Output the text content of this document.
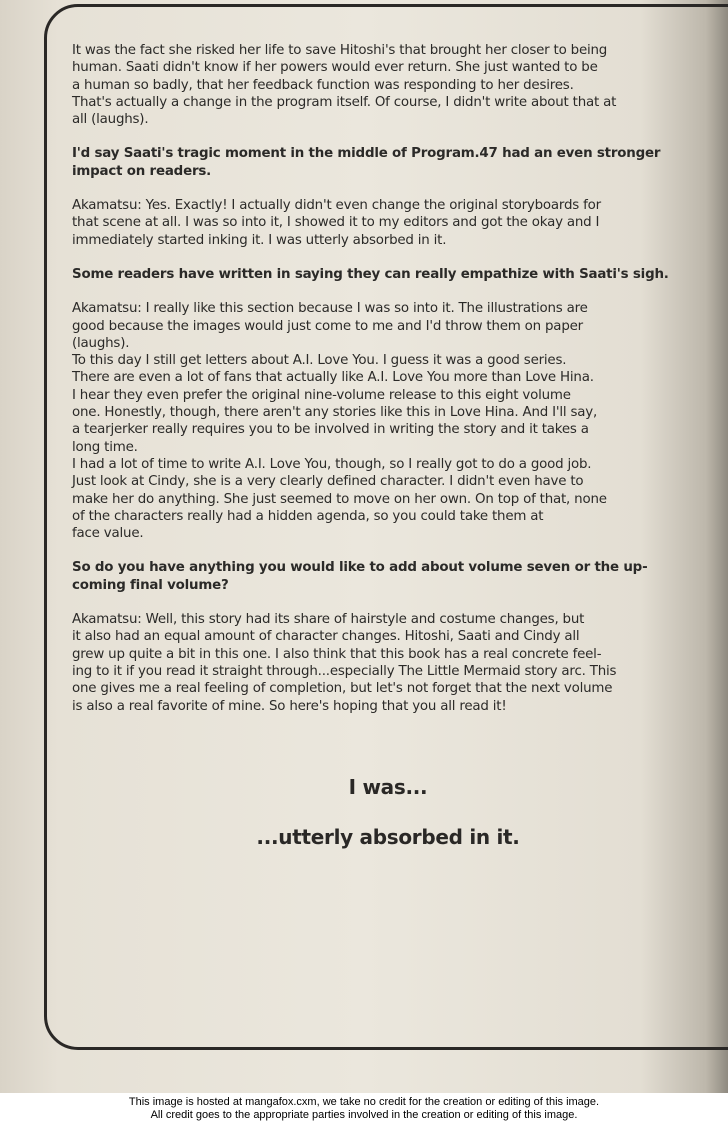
It was the fact she risked her life to save Hitoshi's that brought her closer to being
human. Saati didn't know if her powers would ever return. She just wanted to be
a human so badly, that her feedback function was responding to her desires.
That's actually a change in the program itself. Of course, I didn't write about that at
all (laughs).

I'd say Saati's tragic moment in the middle of Program.47 had an even stronger
impact on readers.

Akamatsu: Yes. Exactly! I actually didn't even change the original storyboards for
that scene at all. I was so into it, I showed it to my editors and got the okay and I
immediately started inking it. I was utterly absorbed in it.

Some readers have written in saying they can really empathize with Saati's sigh.

Akamatsu: I really like this section because I was so into it. The illustrations are
good because the images would just come to me and I'd throw them on paper
(laughs).
To this day I still get letters about A.I. Love You. I guess it was a good series.
There are even a lot of fans that actually like A.I. Love You more than Love Hina.
I hear they even prefer the original nine-volume release to this eight volume
one. Honestly, though, there aren't any stories like this in Love Hina. And I'll say,
a tearjerker really requires you to be involved in writing the story and it takes a
long time.
I had a lot of time to write A.I. Love You, though, so I really got to do a good job.
Just look at Cindy, she is a very clearly defined character. I didn't even have to
make her do anything. She just seemed to move on her own. On top of that, none
of the characters really had a hidden agenda, so you could take them at
face value.

So do you have anything you would like to add about volume seven or the up-
coming final volume?

Akamatsu: Well, this story had its share of hairstyle and costume changes, but
it also had an equal amount of character changes. Hitoshi, Saati and Cindy all
grew up quite a bit in this one. I also think that this book has a real concrete feel-
ing to it if you read it straight through...especially The Little Mermaid story arc. This
one gives me a real feeling of completion, but let's not forget that the next volume
is also a real favorite of mine. So here's hoping that you all read it!

I was...
...utterly absorbed in it.
This image is hosted at mangafox.cxm, we take no credit for the creation or editing of this image.
All credit goes to the appropriate parties involved in the creation or editing of this image.
